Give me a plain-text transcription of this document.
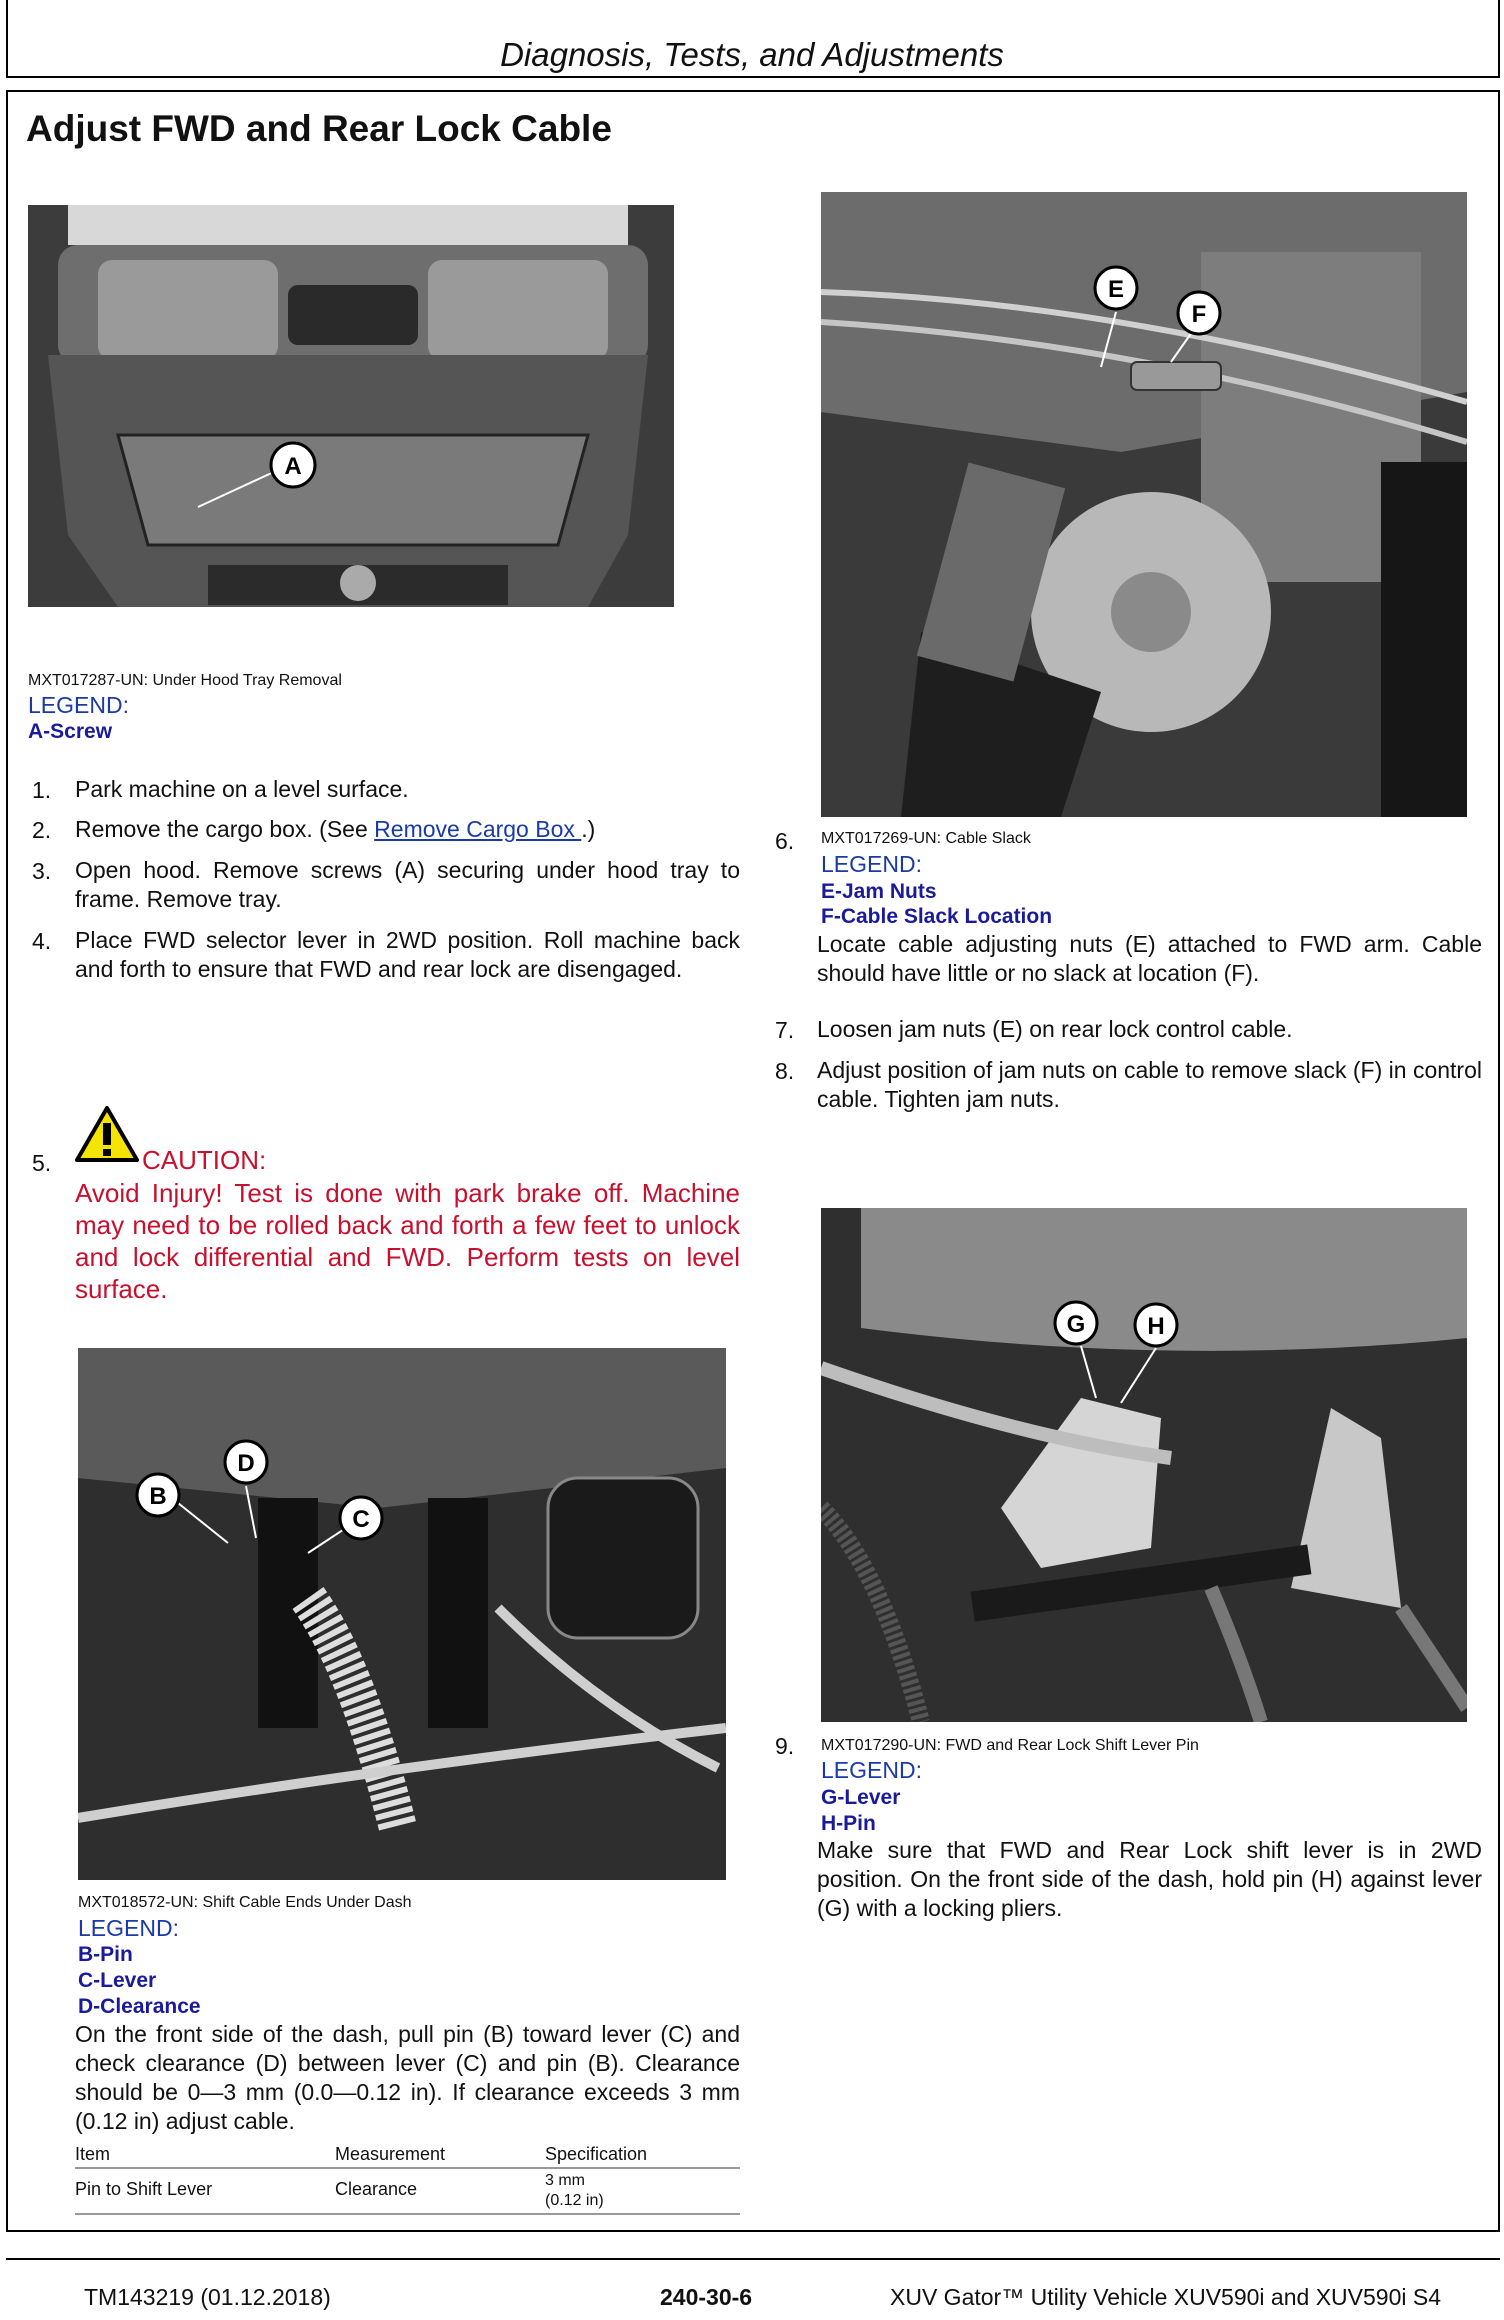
Diagnosis, Tests, and Adjustments
Adjust FWD and Rear Lock Cable
A
MXT017287-UN: Under Hood Tray Removal
LEGEND:
A-Screw
1. Park machine on a level surface.
2. Remove the cargo box. (See Remove Cargo Box .)
3. Open hood. Remove screws (A) securing under hood tray to frame. Remove tray.
4. Place FWD selector lever in 2WD position. Roll machine back and forth to ensure that FWD and rear lock are disengaged.
5.	CAUTION:
Avoid Injury! Test is done with park brake off. Machine may need to be rolled back and forth a few feet to unlock and lock differential and FWD. Perform tests on level surface.
B
D
C
MXT018572-UN: Shift Cable Ends Under Dash
LEGEND:
B-Pin
C-Lever
D-Clearance
On the front side of the dash, pull pin (B) toward lever (C) and check clearance (D) between lever (C) and pin (B). Clearance should be 0—3 mm (0.0—0.12 in). If clearance exceeds 3 mm (0.12 in) adjust cable.
Item	Measurement	Specification
Pin to Shift Lever	Clearance	3 mm
(0.12 in)
E
F
6. MXT017269-UN: Cable Slack
LEGEND:
E-Jam Nuts
F-Cable Slack Location
Locate cable adjusting nuts (E) attached to FWD arm. Cable should have little or no slack at location (F).
7. Loosen jam nuts (E) on rear lock control cable.
8. Adjust position of jam nuts on cable to remove slack (F) in control cable. Tighten jam nuts.
G	H
9. MXT017290-UN: FWD and Rear Lock Shift Lever Pin
LEGEND:
G-Lever
H-Pin
Make sure that FWD and Rear Lock shift lever is in 2WD position. On the front side of the dash, hold pin (H) against lever (G) with a locking pliers.
TM143219 (01.12.2018)	240-30-6	XUV Gator™ Utility Vehicle XUV590i and XUV590i S4
